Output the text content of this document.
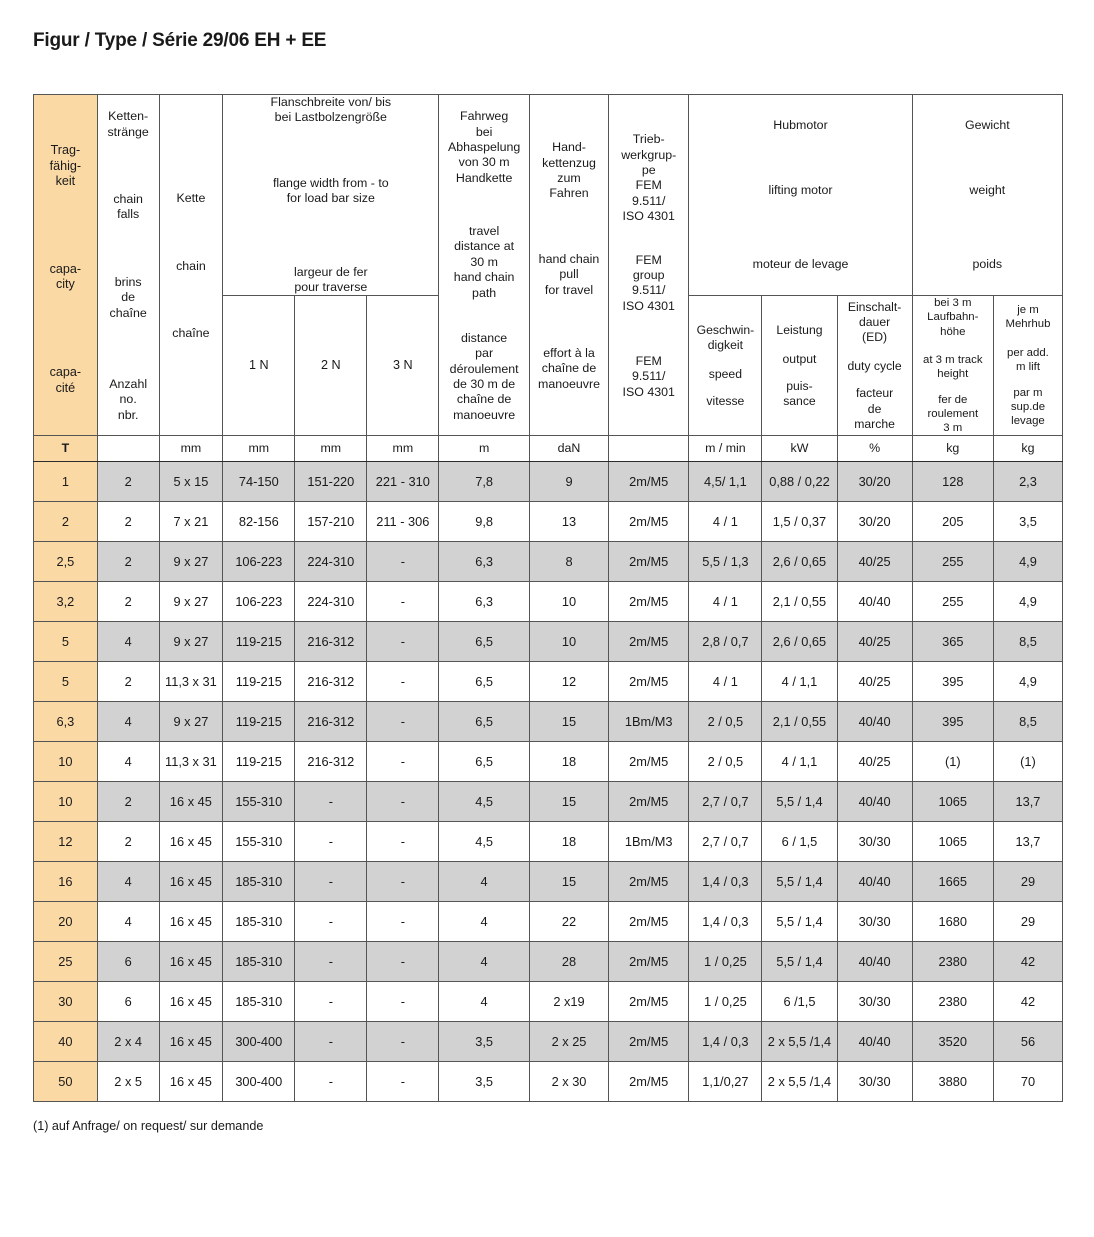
Figur / Type / Série 29/06 EH + EE
Trag-
fähig-
keit
capa-
city
capa-
cité

Ketten-
stränge
chain
falls
brins
de
chaîne
Anzahl
no.
nbr.

Kette
chain
chaîne

Flanschbreite von/ bis
bei Lastbolzengröße
flange width from - to
for load bar size
largeur de fer
pour traverse

Fahrweg
bei
Abhaspelung
von 30 m
Handkette
travel
distance at
30 m
hand chain
path
distance
par
déroulement
de 30 m de
chaîne de
manoeuvre

Hand-
kettenzug
zum
Fahren
hand chain
pull
for travel
effort à la
chaîne de
manoeuvre

Trieb-
werkgrup-
pe
FEM
9.511/
ISO 4301
FEM
group
9.511/
ISO 4301
FEM
9.511/
ISO 4301

Hubmotor
lifting motor
moteur de levage

Gewicht
weight
poids

1 N	2 N	3 N	
Geschwin-
digkeit
speed
vitesse

Leistung
output
puis-
sance

Einschalt-
dauer
(ED)
duty cycle
facteur
de
marche

bei 3 m
Laufbahn-
höhe
at 3 m track
height
fer de
roulement
3 m

je m
Mehrhub
per add.
m lift
par m
sup.de
levage

T		mm	mm	mm	mm	m	daN		m / min	kW	%	kg	kg
1	2	5 x 15	74-150	151-220	221 - 310	7,8	9	2m/M5	4,5/ 1,1	0,88 / 0,22	30/20	128	2,3
2	2	7 x 21	82-156	157-210	211 - 306	9,8	13	2m/M5	4 / 1	1,5 / 0,37	30/20	205	3,5
2,5	2	9 x 27	106-223	224-310	-	6,3	8	2m/M5	5,5 / 1,3	2,6 / 0,65	40/25	255	4,9
3,2	2	9 x 27	106-223	224-310	-	6,3	10	2m/M5	4 / 1	2,1 / 0,55	40/40	255	4,9
5	4	9 x 27	119-215	216-312	-	6,5	10	2m/M5	2,8 / 0,7	2,6 / 0,65	40/25	365	8,5
5	2	11,3 x 31	119-215	216-312	-	6,5	12	2m/M5	4 / 1	4 / 1,1	40/25	395	4,9
6,3	4	9 x 27	119-215	216-312	-	6,5	15	1Bm/M3	2 / 0,5	2,1 / 0,55	40/40	395	8,5
10	4	11,3 x 31	119-215	216-312	-	6,5	18	2m/M5	2 / 0,5	4 / 1,1	40/25	(1)	(1)
10	2	16 x 45	155-310	-	-	4,5	15	2m/M5	2,7 / 0,7	5,5 / 1,4	40/40	1065	13,7
12	2	16 x 45	155-310	-	-	4,5	18	1Bm/M3	2,7 / 0,7	6 / 1,5	30/30	1065	13,7
16	4	16 x 45	185-310	-	-	4	15	2m/M5	1,4 / 0,3	5,5 / 1,4	40/40	1665	29
20	4	16 x 45	185-310	-	-	4	22	2m/M5	1,4 / 0,3	5,5 / 1,4	30/30	1680	29
25	6	16 x 45	185-310	-	-	4	28	2m/M5	1 / 0,25	5,5 / 1,4	40/40	2380	42
30	6	16 x 45	185-310	-	-	4	2 x19	2m/M5	1 / 0,25	6 /1,5	30/30	2380	42
40	2 x 4	16 x 45	300-400	-	-	3,5	2 x 25	2m/M5	1,4 / 0,3	2 x 5,5 /1,4	40/40	3520	56
50	2 x 5	16 x 45	300-400	-	-	3,5	2 x 30	2m/M5	1,1/0,27	2 x 5,5 /1,4	30/30	3880	70
(1) auf Anfrage/ on request/ sur demande
